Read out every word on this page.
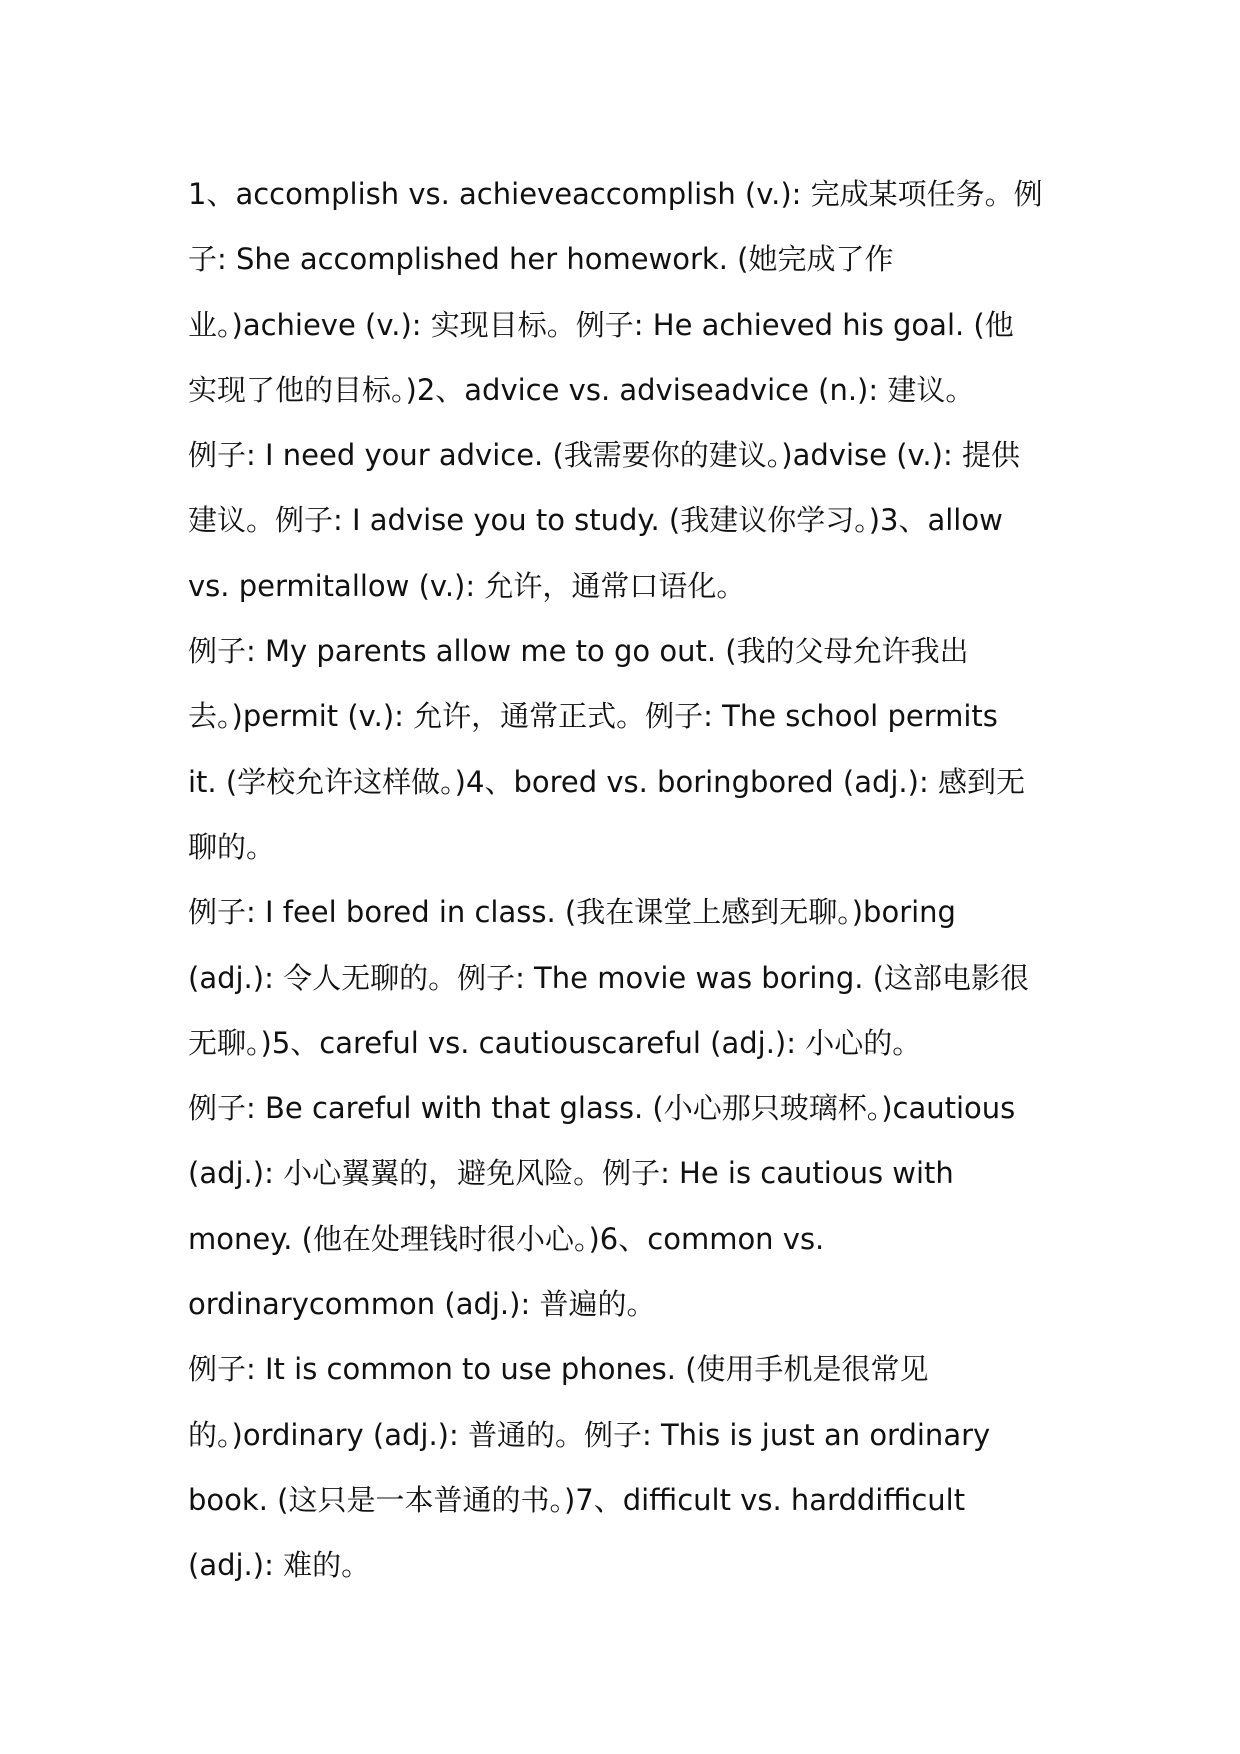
1、accomplish vs. achieveaccomplish (v.): 完成某项任务。例
子: She accomplished her homework. (她完成了作
业。)achieve (v.): 实现目标。例子: He achieved his goal. (他
实现了他的目标。)2、advice vs. adviseadvice (n.): 建议。
例子: I need your advice. (我需要你的建议。)advise (v.): 提供
建议。例子: I advise you to study. (我建议你学习。)3、allow
vs. permitallow (v.): 允许，通常口语化。
例子: My parents allow me to go out. (我的父母允许我出
去。)permit (v.): 允许，通常正式。例子: The school permits
it. (学校允许这样做。)4、bored vs. boringbored (adj.): 感到无
聊的。
例子: I feel bored in class. (我在课堂上感到无聊。)boring
(adj.): 令人无聊的。例子: The movie was boring. (这部电影很
无聊。)5、careful vs. cautiouscareful (adj.): 小心的。
例子: Be careful with that glass. (小心那只玻璃杯。)cautious
(adj.): 小心翼翼的，避免风险。例子: He is cautious with
money. (他在处理钱时很小心。)6、common vs.
ordinarycommon (adj.): 普遍的。
例子: It is common to use phones. (使用手机是很常见
的。)ordinary (adj.): 普通的。例子: This is just an ordinary
book. (这只是一本普通的书。)7、difficult vs. harddifficult
(adj.): 难的。
